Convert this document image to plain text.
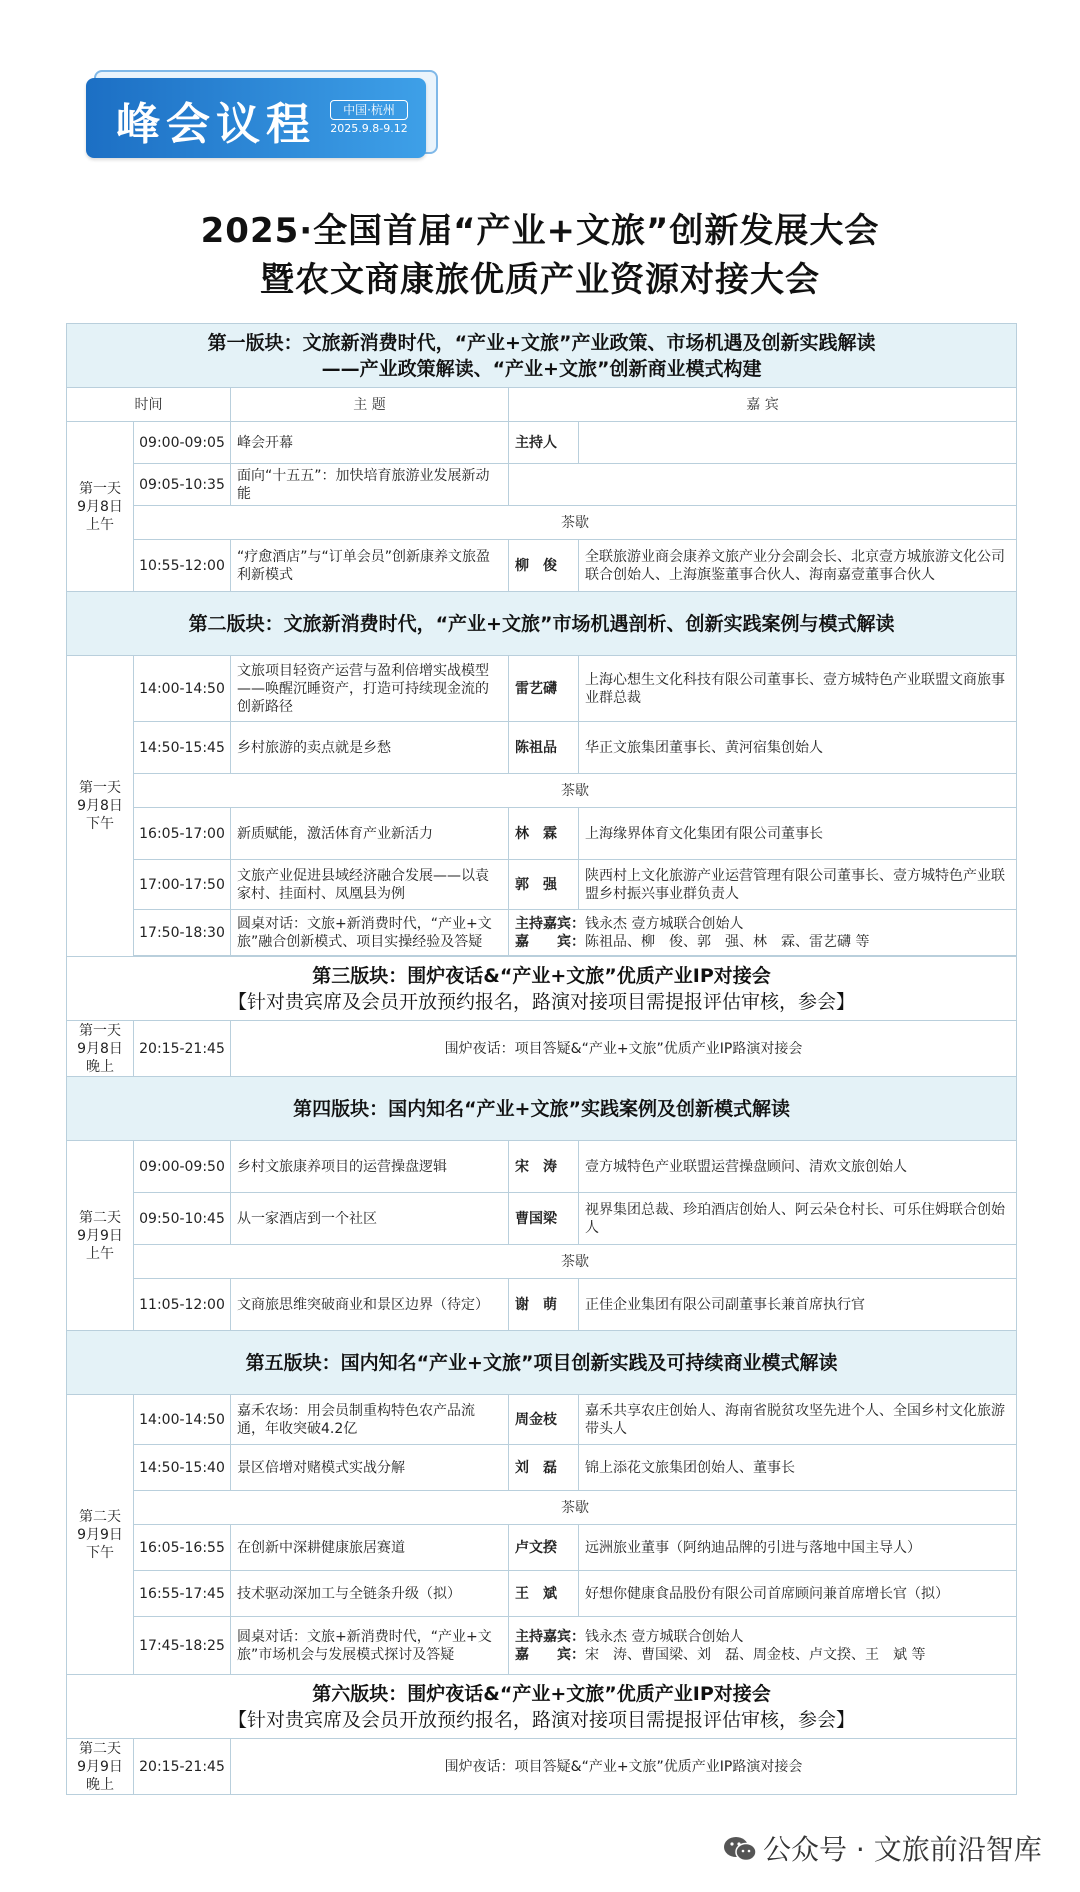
峰会议程	中国·杭州
2025.9.8-9.12
2025·全国首届“产业+文旅”创新发展大会
暨农文商康旅优质产业资源对接大会
第一版块：文旅新消费时代，“产业+文旅”产业政策、市场机遇及创新实践解读
——产业政策解读、“产业+文旅”创新商业模式构建				

时间		主 题	嘉 宾	

第一天
9月8日
上午	09:00-09:05	峰会开幕	主持人	
	09:05-10:35	面向“十五五”：加快培育旅游业发展新动能		
	茶歇			
	10:55-12:00	“疗愈酒店”与“订单会员”创新康养文旅盈利新模式	柳　俊	全联旅游业商会康养文旅产业分会副会长、北京壹方城旅游文化公司联合创始人、上海旗鉴董事合伙人、海南嘉壹董事合伙人
第二版块：文旅新消费时代，“产业+文旅”市场机遇剖析、创新实践案例与模式解读				

第一天
9月8日
下午	14:00-14:50	文旅项目轻资产运营与盈利倍增实战模型——唤醒沉睡资产，打造可持续现金流的创新路径	雷艺礴	上海心想生文化科技有限公司董事长、壹方城特色产业联盟文商旅事业群总裁
	14:50-15:45	乡村旅游的卖点就是乡愁	陈祖品	华正文旅集团董事长、黄河宿集创始人
	茶歇			
	16:05-17:00	新质赋能，激活体育产业新活力	林　霖	上海缘界体育文化集团有限公司董事长
	17:00-17:50	文旅产业促进县域经济融合发展——以袁家村、挂面村、凤凰县为例	郭　强	陕西村上文化旅游产业运营管理有限公司董事长、壹方城特色产业联盟乡村振兴事业群负责人
	17:50-18:30	圆桌对话：文旅+新消费时代，“产业+文旅”融合创新模式、项目实操经验及答疑	主持嘉宾：钱永杰 壹方城联合创始人
嘉　　宾：陈祖品、柳　俊、郭　强、林　霖、雷艺礴 等	

第三版块：围炉夜话&“产业+文旅”优质产业IP对接会
【针对贵宾席及会员开放预约报名，路演对接项目需提报评估审核，参会】				

第一天
9月8日
晚上	20:15-21:45	围炉夜话：项目答疑&“产业+文旅”优质产业IP路演对接会		
第四版块：国内知名“产业+文旅”实践案例及创新模式解读				

第二天
9月9日
上午	09:00-09:50	乡村文旅康养项目的运营操盘逻辑	宋　涛	壹方城特色产业联盟运营操盘顾问、清欢文旅创始人
	09:50-10:45	从一家酒店到一个社区	曹国梁	视界集团总裁、珍珀酒店创始人、阿云朵仓村长、可乐住姆联合创始人
	茶歇			
	11:05-12:00	文商旅思维突破商业和景区边界（待定）	谢　萌	正佳企业集团有限公司副董事长兼首席执行官
第五版块：国内知名“产业+文旅”项目创新实践及可持续商业模式解读				

第二天
9月9日
下午	14:00-14:50	嘉禾农场：用会员制重构特色农产品流通，年收突破4.2亿	周金枝	嘉禾共享农庄创始人、海南省脱贫攻坚先进个人、全国乡村文化旅游带头人
	14:50-15:40	景区倍增对赌模式实战分解	刘　磊	锦上添花文旅集团创始人、董事长
	茶歇			
	16:05-16:55	在创新中深耕健康旅居赛道	卢文揆	远洲旅业董事（阿纳迪品牌的引进与落地中国主导人）
	16:55-17:45	技术驱动深加工与全链条升级（拟）	王　斌	好想你健康食品股份有限公司首席顾问兼首席增长官（拟）
	17:45-18:25	圆桌对话：文旅+新消费时代，“产业+文旅”市场机会与发展模式探讨及答疑	主持嘉宾：钱永杰 壹方城联合创始人
嘉　　宾：宋　涛、曹国梁、刘　磊、周金枝、卢文揆、王　斌 等	

第六版块：围炉夜话&“产业+文旅”优质产业IP对接会
【针对贵宾席及会员开放预约报名，路演对接项目需提报评估审核，参会】				

第二天
9月9日
晚上	20:15-21:45	围炉夜话：项目答疑&“产业+文旅”优质产业IP路演对接会		
公众号 · 文旅前沿智库
